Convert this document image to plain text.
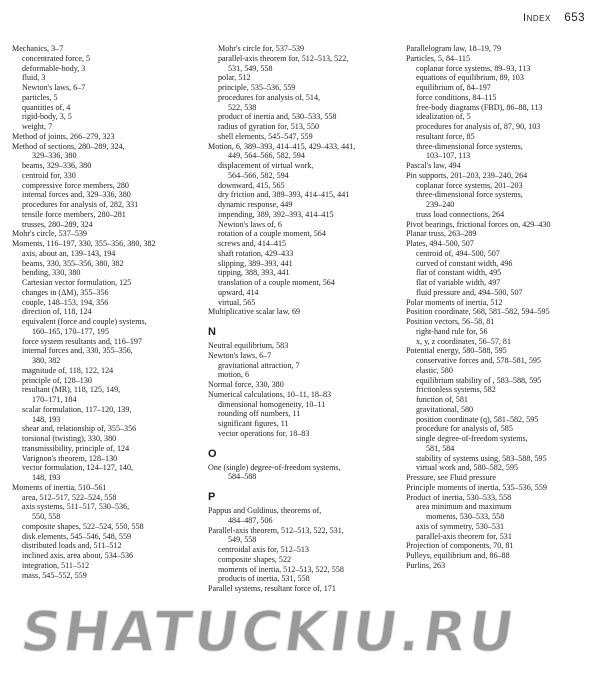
Index 653
Mechanics, 3–7
concentrated force, 5
deformable-body, 3
fluid, 3
Newton's laws, 6–7
particles, 5
quantities of, 4
rigid-body, 3, 5
weight, 7
Method of joints, 266–279, 323
Method of sections, 280–289, 324,
329–336, 380
beams, 329–336, 380
centroid for, 330
compressive force members, 280
internal forces and, 329–336, 380
procedures for analysis of, 282, 331
tensile force members, 280–281
trusses, 280–289, 324
Mohr's circle, 537–539
Moments, 116–197, 330, 355–356, 380, 382
axis, about an, 139–143, 194
beams, 330, 355–356, 380, 382
bending, 330, 380
Cartesian vector formulation, 125
changes in (ΔM), 355–356
couple, 148–153, 194, 356
direction of, 118, 124
equivalent (force and couple) systems,
160–165, 170–177, 195
force system resultants and, 116–197
internal forces and, 330, 355–356,
380, 382
magnitude of, 118, 122, 124
principle of, 128–130
resultant (MR), 118, 125, 149,
170–171, 184
scalar formulation, 117–120, 139,
148, 193
shear and, relationship of, 355–356
torsional (twisting), 330, 380
transmissibility, principle of, 124
Varignon's theorem, 128–130
vector formulation, 124–127, 140,
148, 193
Moments of inertia, 510–561
area, 512–517, 522–524, 558
axis systems, 511–517, 530–536,
550, 558
composite shapes, 522–524, 550, 558
disk elements, 545–546, 548, 559
distributed loads and, 511–512
inclined axis, area about, 534–536
integration, 511–512
mass, 545–552, 559
Mohr's circle for, 537–539
parallel-axis theorem for, 512–513, 522,
531, 549, 558
polar, 512
principle, 535–536, 559
procedures for analysis of, 514,
522, 538
product of inertia and, 530–533, 558
radius of gyration for, 513, 550
shell elements, 545–547, 559
Motion, 6, 389–393, 414–415, 429–433, 441,
449, 564–566, 582, 594
displacement of virtual work,
564–566, 582, 594
downward, 415, 565
dry friction and, 389–393, 414–415, 441
dynamic response, 449
impending, 389, 392–393, 414–415
Newton's laws of, 6
rotation of a couple moment, 564
screws and, 414–415
shaft rotation, 429–433
slipping, 389–393, 441
tipping, 388, 393, 441
translation of a couple moment, 564
upward, 414
virtual, 565
Multiplicative scalar law, 69
N
Neutral equilibrium, 583
Newton's laws, 6–7
gravitational attraction, 7
motion, 6
Normal force, 330, 380
Numerical calculations, 10–11, 18–83
dimensional homogeneity, 10–11
rounding off numbers, 11
significant figures, 11
vector operations for, 18–83
O
One (single) degree-of-freedom systems,
584–588
P
Pappus and Guldinus, theorems of,
484–487, 506
Parallel-axis theorem, 512–513, 522, 531,
549, 558
centroidal axis for, 512–513
composite shapes, 522
moments of inertia, 512–513, 522, 558
products of inertia, 531, 558
Parallel systems, resultant force of, 171
Parallelogram law, 18–19, 79
Particles, 5, 84–115
coplanar force systems, 89–93, 113
equations of equilibrium, 89, 103
equilibrium of, 84–197
force conditions, 84–115
free-body diagrams (FBD), 86–88, 113
idealization of, 5
procedures for analysis of, 87, 90, 103
resultant force, 85
three-dimensional force systems,
103–107, 113
Pascal's law, 494
Pin supports, 201–203, 239–240, 264
coplanar force systems, 201–203
three-dimensional force systems,
239–240
truss load connections, 264
Pivot bearings, frictional forces on, 429–430
Planar truss, 263–289
Plates, 494–500, 507
centroid of, 494–500, 507
curved of constant width, 496
flat of constant width, 495
flat of variable width, 497
fluid pressure and, 494–500, 507
Polar moments of inertia, 512
Position coordinate, 568, 581–582, 594–595
Position vectors, 56–58, 81
right-hand rule for, 56
x, y, z coordinates, 56–57, 81
Potential energy, 580–588, 595
conservative forces and, 578–581, 595
elastic, 580
equilibrium stability of , 583–588, 595
frictionless systems, 582
function of, 581
gravitational, 580
position coordinate (q), 581–582, 595
procedure for analysis of, 585
single degree-of-freedom systems,
581, 584
stability of systems using, 583–588, 595
virtual work and, 580–582, 595
Pressure, see Fluid pressure
Principle moments of inertia, 535–536, 559
Product of inertia, 530–533, 558
area minimum and maximum
moments, 530–533, 558
axis of symmetry, 530–531
parallel-axis theorem for, 531
Projection of components, 70, 81
Pulleys, equilibrium and, 86–88
Purlins, 263
SHATUCKIU.RU
